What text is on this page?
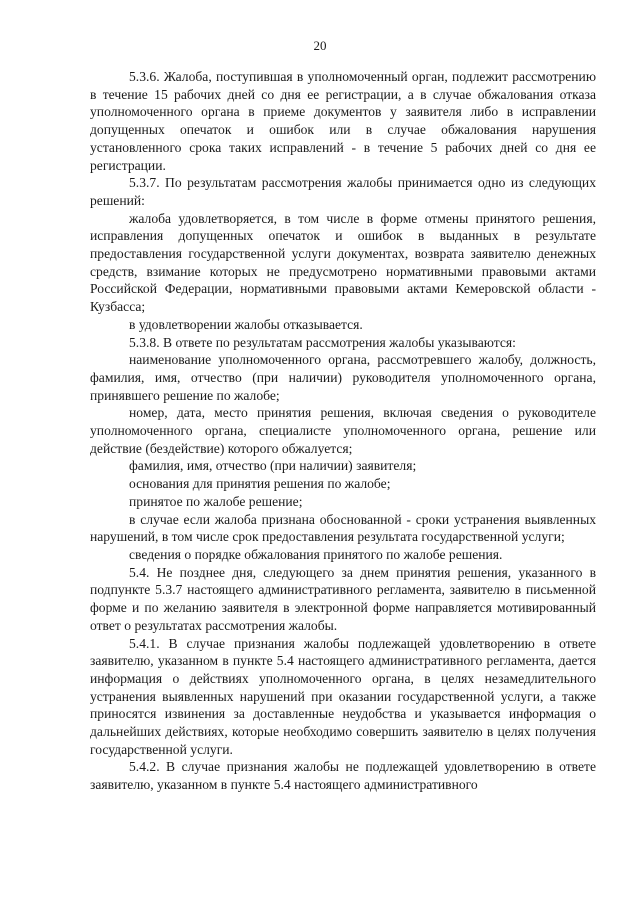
20

5.3.6. Жалоба, поступившая в уполномоченный орган, подлежит рассмотрению в течение 15 рабочих дней со дня ее регистрации, а в случае обжалования отказа уполномоченного органа в приеме документов у заявителя либо в исправлении допущенных опечаток и ошибок или в случае обжалования нарушения установленного срока таких исправлений - в течение 5 рабочих дней со дня ее регистрации.

5.3.7. По результатам рассмотрения жалобы принимается одно из следующих решений:

жалоба удовлетворяется, в том числе в форме отмены принятого решения, исправления допущенных опечаток и ошибок в выданных в результате предоставления государственной услуги документах, возврата заявителю денежных средств, взимание которых не предусмотрено нормативными правовыми актами Российской Федерации, нормативными правовыми актами Кемеровской области - Кузбасса;

в удовлетворении жалобы отказывается.

5.3.8. В ответе по результатам рассмотрения жалобы указываются:

наименование уполномоченного органа, рассмотревшего жалобу, должность, фамилия, имя, отчество (при наличии) руководителя уполномоченного органа, принявшего решение по жалобе;

номер, дата, место принятия решения, включая сведения о руководителе уполномоченного органа, специалисте уполномоченного органа, решение или действие (бездействие) которого обжалуется;

фамилия, имя, отчество (при наличии) заявителя;

основания для принятия решения по жалобе;

принятое по жалобе решение;

в случае если жалоба признана обоснованной - сроки устранения выявленных нарушений, в том числе срок предоставления результата государственной услуги;

сведения о порядке обжалования принятого по жалобе решения.

5.4. Не позднее дня, следующего за днем принятия решения, указанного в подпункте 5.3.7 настоящего административного регламента, заявителю в письменной форме и по желанию заявителя в электронной форме направляется мотивированный ответ о результатах рассмотрения жалобы.

5.4.1. В случае признания жалобы подлежащей удовлетворению в ответе заявителю, указанном в пункте 5.4 настоящего административного регламента, дается информация о действиях уполномоченного органа, в целях незамедлительного устранения выявленных нарушений при оказании государственной услуги, а также приносятся извинения за доставленные неудобства и указывается информация о дальнейших действиях, которые необходимо совершить заявителю в целях получения государственной услуги.

5.4.2. В случае признания жалобы не подлежащей удовлетворению в ответе заявителю, указанном в пункте 5.4 настоящего административного
